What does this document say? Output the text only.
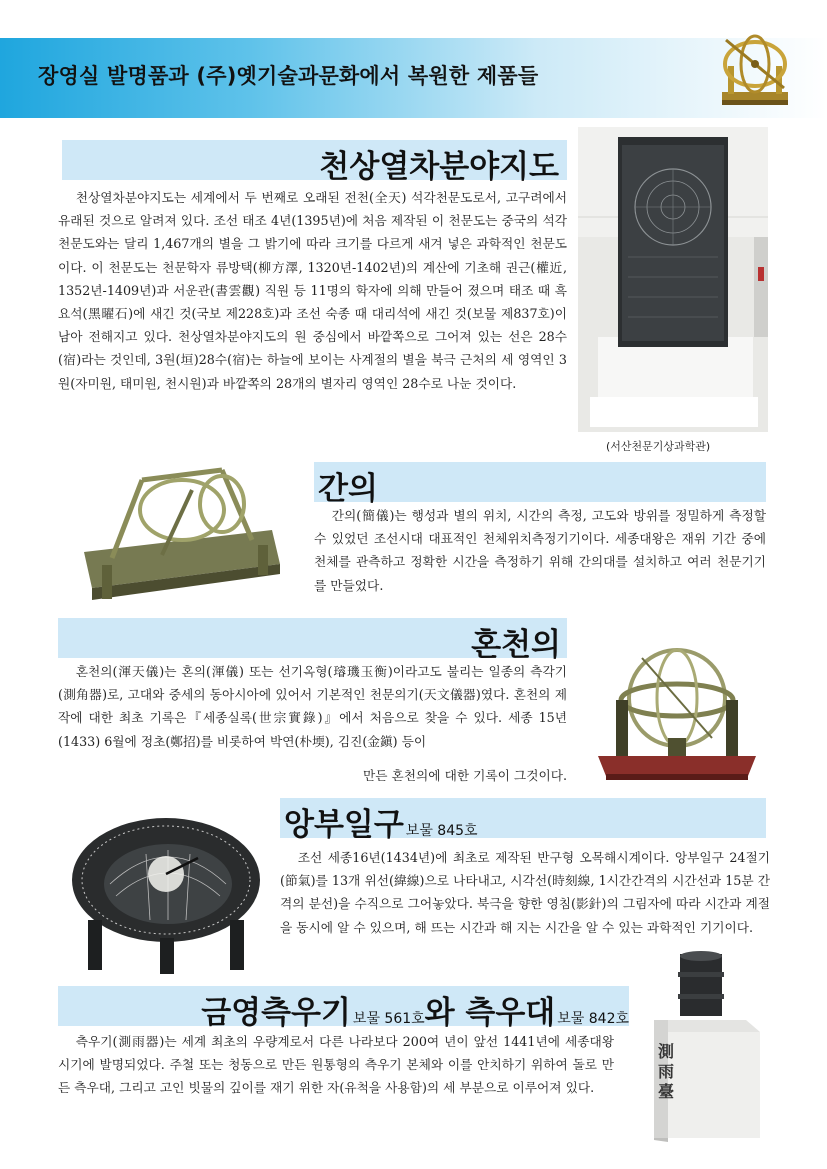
장영실 발명품과 (주)옛기술과문화에서 복원한 제품들
천상열차분야지도
천상열차분야지도는 세계에서 두 번째로 오래된 전천(全天) 석각천문도로서, 고구려에서 유래된 것으로 알려져 있다. 조선 태조 4년(1395년)에 처음 제작된 이 천문도는 중국의 석각천문도와는 달리 1,467개의 별을 그 밝기에 따라 크기를 다르게 새겨 넣은 과학적인 천문도이다. 이 천문도는 천문학자 류방택(柳方澤, 1320년-1402년)의 계산에 기초해 권근(權近, 1352년-1409년)과 서운관(書雲觀) 직원 등 11명의 학자에 의해 만들어 졌으며 태조 때 흑요석(黑曜石)에 새긴 것(국보 제228호)과 조선 숙종 때 대리석에 새긴 것(보물 제837호)이 남아 전해지고 있다. 천상열차분야지도의 원 중심에서 바깥쪽으로 그어져 있는 선은 28수(宿)라는 것인데, 3원(垣)28수(宿)는 하늘에 보이는 사계절의 별을 북극 근처의 세 영역인 3원(자미원, 태미원, 천시원)과 바깥쪽의 28개의 별자리 영역인 28수로 나눈 것이다.
(서산천문기상과학관)
간의
간의(簡儀)는 행성과 별의 위치, 시간의 측정, 고도와 방위를 정밀하게 측정할 수 있었던 조선시대 대표적인 천체위치측정기기이다. 세종대왕은 재위 기간 중에 천체를 관측하고 정확한 시간을 측정하기 위해 간의대를 설치하고 여러 천문기기를 만들었다.
혼천의
혼천의(渾天儀)는 혼의(渾儀) 또는 선기옥형(璿璣玉衡)이라고도 불리는 일종의 측각기(測角器)로, 고대와 중세의 동아시아에 있어서 기본적인 천문의기(天文儀器)였다. 혼천의 제작에 대한 최초 기록은『세종실록(世宗實錄)』에서 처음으로 찾을 수 있다. 세종 15년(1433) 6월에 정초(鄭招)를 비롯하여 박연(朴堧), 김진(金鎭) 등이
만든 혼천의에 대한 기록이 그것이다.
앙부일구 보물 845호
조선 세종16년(1434년)에 최초로 제작된 반구형 오목해시계이다. 앙부일구 24절기(節氣)를 13개 위선(緯線)으로 나타내고, 시각선(時刻線, 1시간간격의 시간선과 15분 간격의 분선)을 수직으로 그어놓았다. 북극을 향한 영침(影針)의 그림자에 따라 시간과 계절을 동시에 알 수 있으며, 해 뜨는 시간과 해 지는 시간을 알 수 있는 과학적인 기기이다.
금영측우기 보물 561호와 측우대 보물 842호
측우기(測雨器)는 세계 최초의 우량계로서 다른 나라보다 200여 년이 앞선 1441년에 세종대왕 시기에 발명되었다. 주철 또는 청동으로 만든 원통형의 측우기 본체와 이를 안치하기 위하여 돌로 만든 측우대, 그리고 고인 빗물의 깊이를 재기 위한 자(유척을 사용함)의 세 부분으로 이루어져 있다.
測雨臺
